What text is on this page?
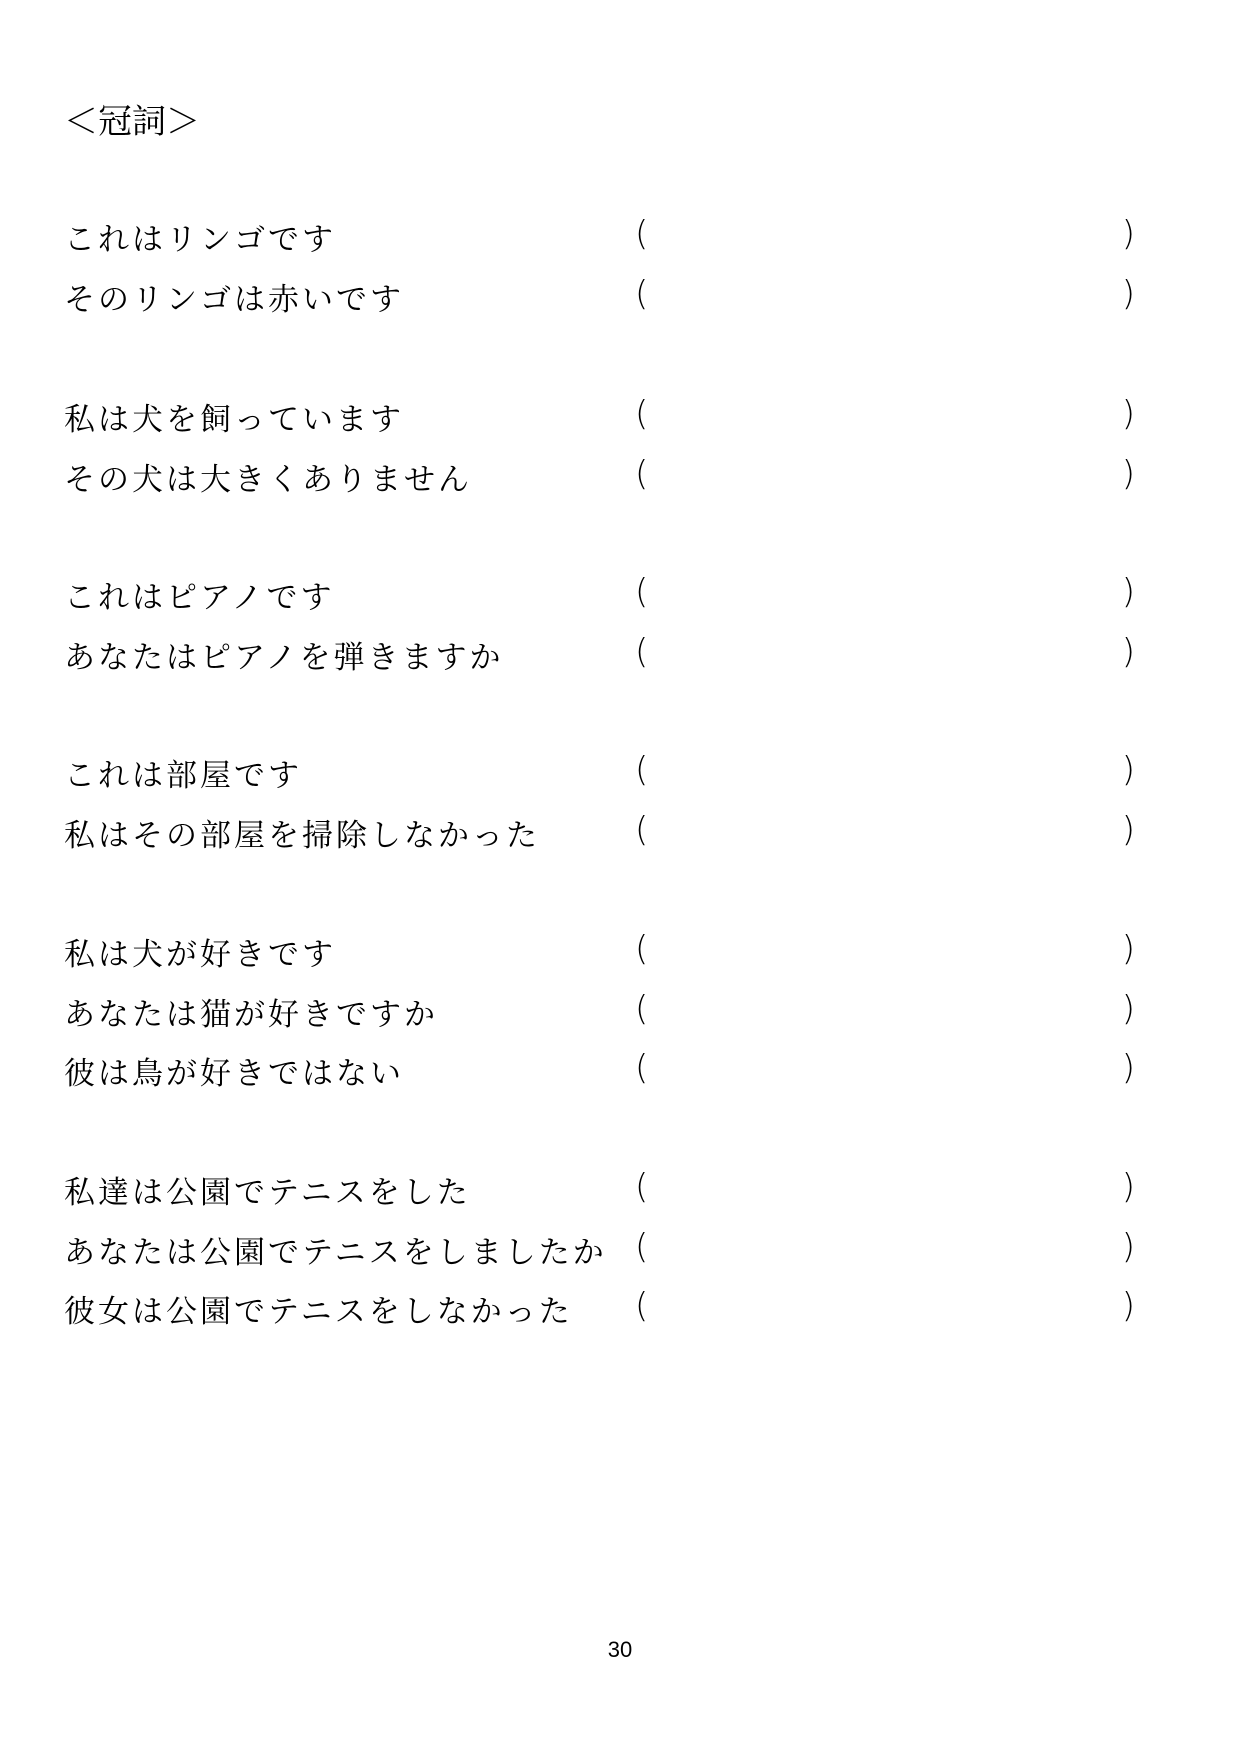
＜冠詞＞
これはリンゴです	(	)
そのリンゴは赤いです	(	)
私は犬を飼っています	(	)
その犬は大きくありません	(	)
これはピアノです	(	)
あなたはピアノを弾きますか	(	)
これは部屋です	(	)
私はその部屋を掃除しなかった	(	)
私は犬が好きです	(	)
あなたは猫が好きですか	(	)
彼は鳥が好きではない	(	)
私達は公園でテニスをした	(	)
あなたは公園でテニスをしましたか (	)
彼女は公園でテニスをしなかった (	)
30
